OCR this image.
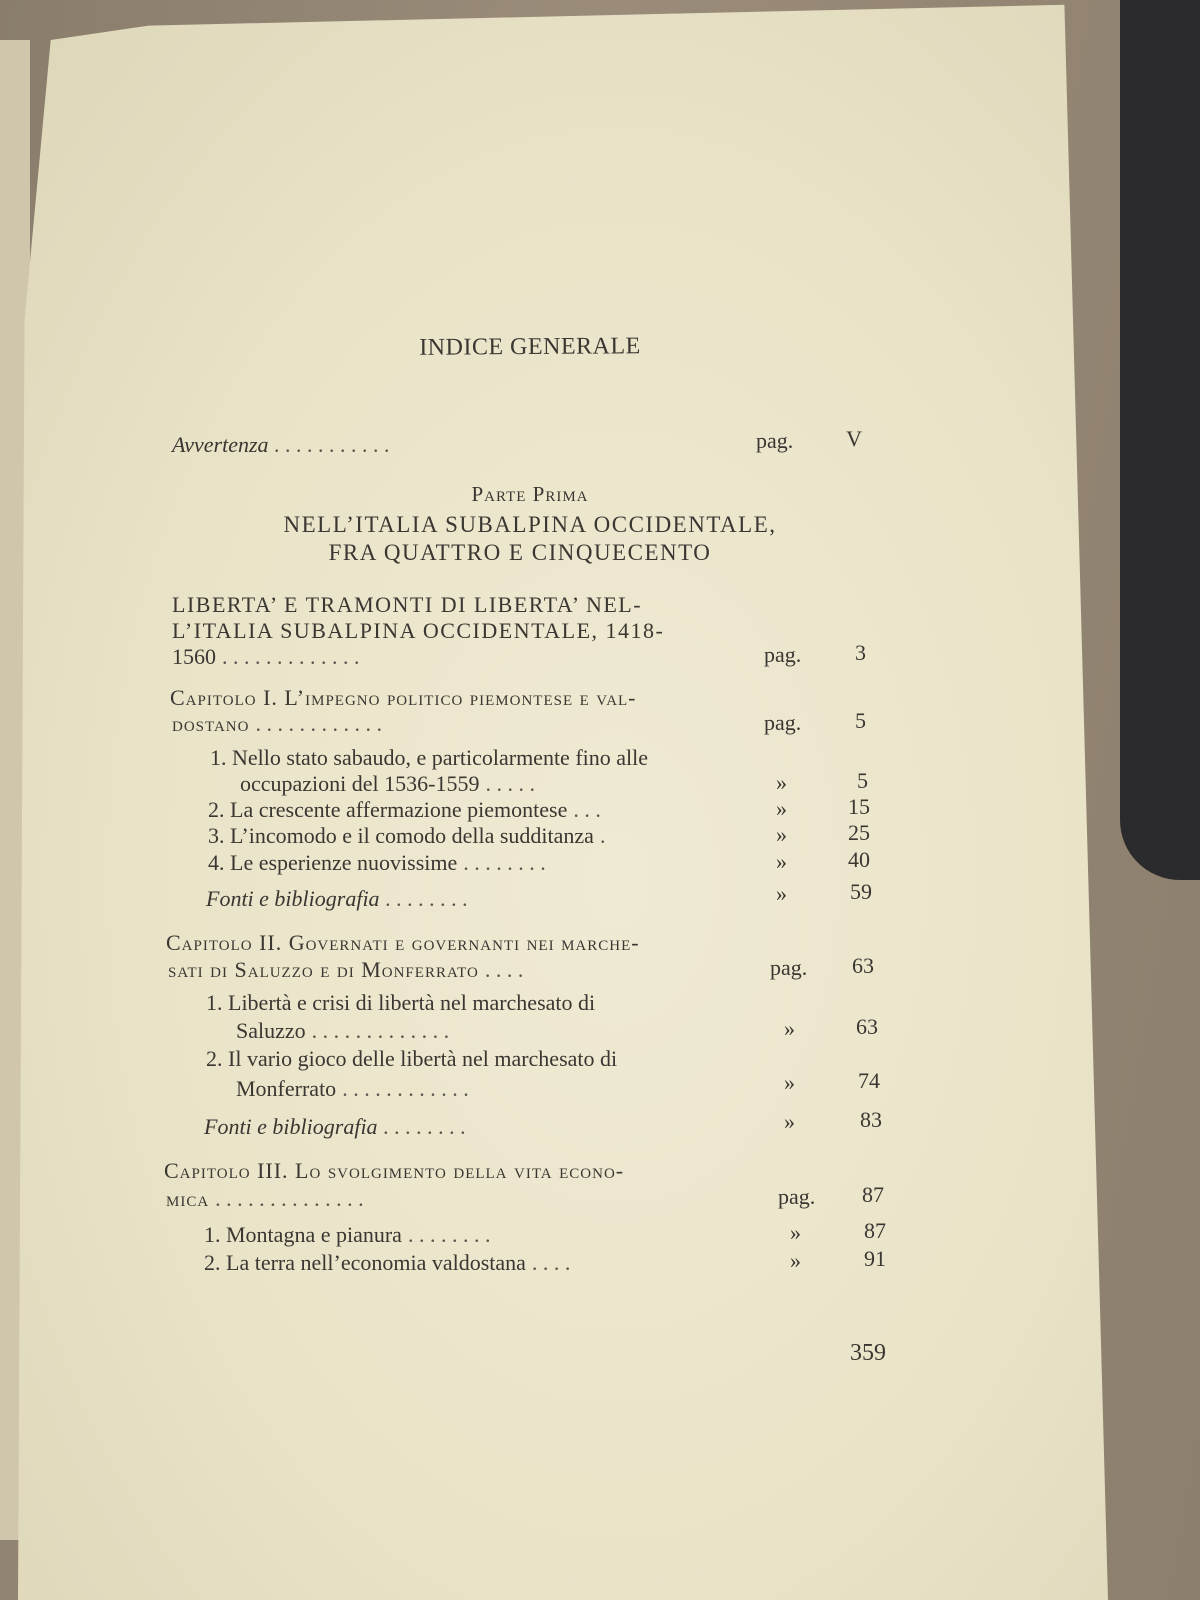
INDICE GENERALE
Avvertenza . . . . . . . . . . .	pag.	V
Parte Prima
NELL’ITALIA SUBALPINA OCCIDENTALE,
FRA QUATTRO E CINQUECENTO
LIBERTA’ E TRAMONTI DI LIBERTA’ NEL-
L’ITALIA SUBALPINA OCCIDENTALE, 1418-
1560 . . . . . . . . . . . . .	pag.	3
Capitolo I. L’impegno politico piemontese e val-
dostano . . . . . . . . . . . .	pag.	5
1. Nello stato sabaudo, e particolarmente fino alle
occupazioni del 1536-1559 . . . . .	»	5
2. La crescente affermazione piemontese . . .	»	15
3. L’incomodo e il comodo della sudditanza .	»	25
4. Le esperienze nuovissime . . . . . . . .	»	40
Fonti e bibliografia . . . . . . . .	»	59
Capitolo II. Governati e governanti nei marche-
sati di Saluzzo e di Monferrato . . . .	pag.	63
1. Libertà e crisi di libertà nel marchesato di
Saluzzo . . . . . . . . . . . . .	»	63
2. Il vario gioco delle libertà nel marchesato di
Monferrato . . . . . . . . . . . .	»	74
Fonti e bibliografia . . . . . . . .	»	83
Capitolo III. Lo svolgimento della vita econo-
mica . . . . . . . . . . . . . .	pag.	87
1. Montagna e pianura . . . . . . . .	»	87
2. La terra nell’economia valdostana . . . .	»	91
359
